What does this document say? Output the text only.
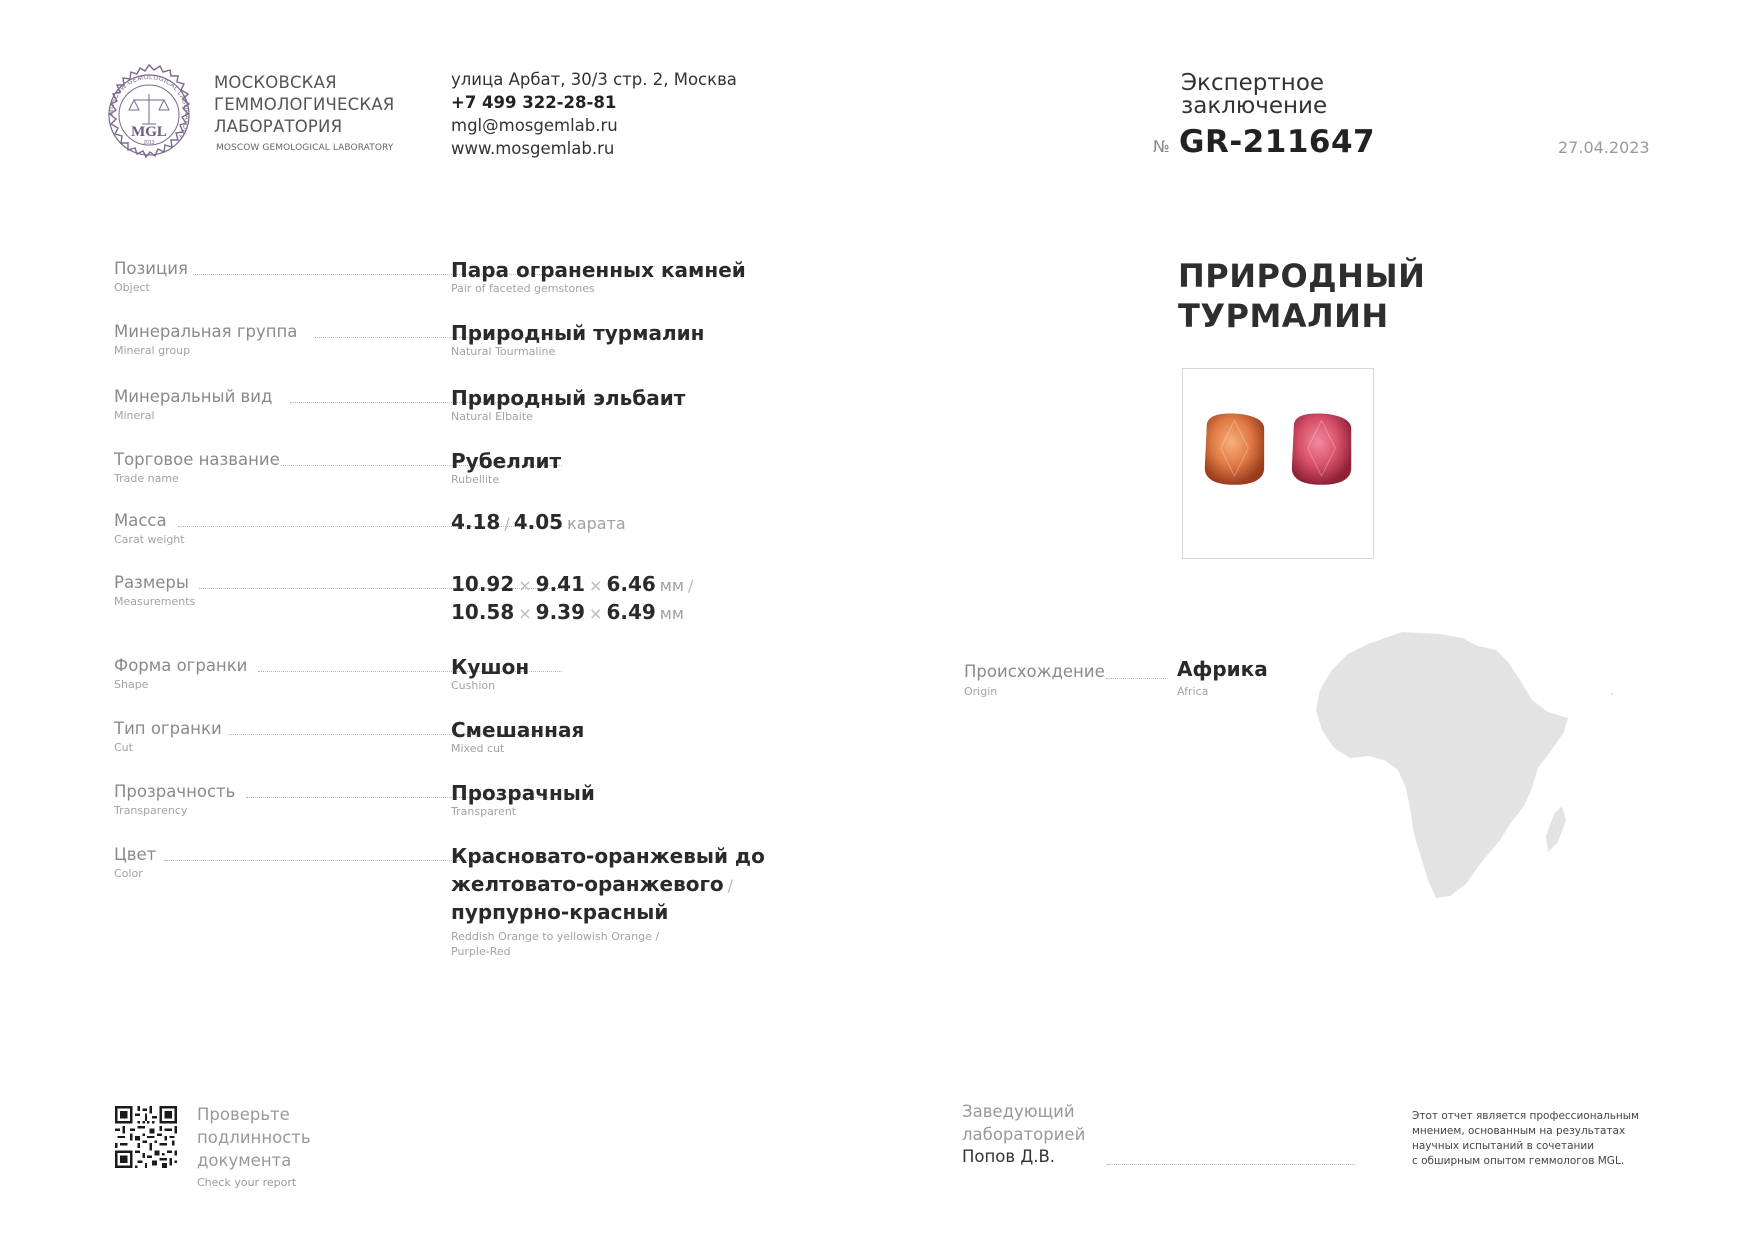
MOSCOW GEMOLOGICAL LABORATORY
MGL
2013
МОСКОВСКАЯ
ГЕММОЛОГИЧЕСКАЯ
ЛАБОРАТОРИЯ
MOSCOW GEMOLOGICAL LABORATORY
улица Арбат, 30/3 стр. 2, Москва
+7 499 322-28-81
mgl@mosgemlab.ru
www.mosgemlab.ru
Экспертное
заключение
№ GR-211647	27.04.2023
Позиция
Object
Пара ограненных камней
Pair of faceted gemstones
Минеральная группа
Mineral group
Природный турмалин
Natural Tourmaline
Минеральный вид
Mineral
Природный эльбаит
Natural Elbaite
Торговое название
Trade name
Рубеллит
Rubellite
Масса
Carat weight
4.18 / 4.05 карата
Размеры
Measurements
10.92 × 9.41 × 6.46 мм /
10.58 × 9.39 × 6.49 мм
Форма огранки
Shape
Кушон
Cushion
Тип огранки
Cut
Смешанная
Mixed cut
Прозрачность
Transparency
Прозрачный
Transparent
Цвет
Color
Красновато-оранжевый до
желтовато-оранжевого /
пурпурно-красный
Reddish Orange to yellowish Orange /
Purple-Red
ПРИРОДНЫЙ
ТУРМАЛИН
Происхождение
Origin
Африка
Africa
Проверьте
подлинность
документа
Check your report
Заведующий
лабораторией
Попов Д.В.
Этот отчет является профессиональным
мнением, основанным на результатах
научных испытаний в сочетании
с обширным опытом геммологов MGL.
